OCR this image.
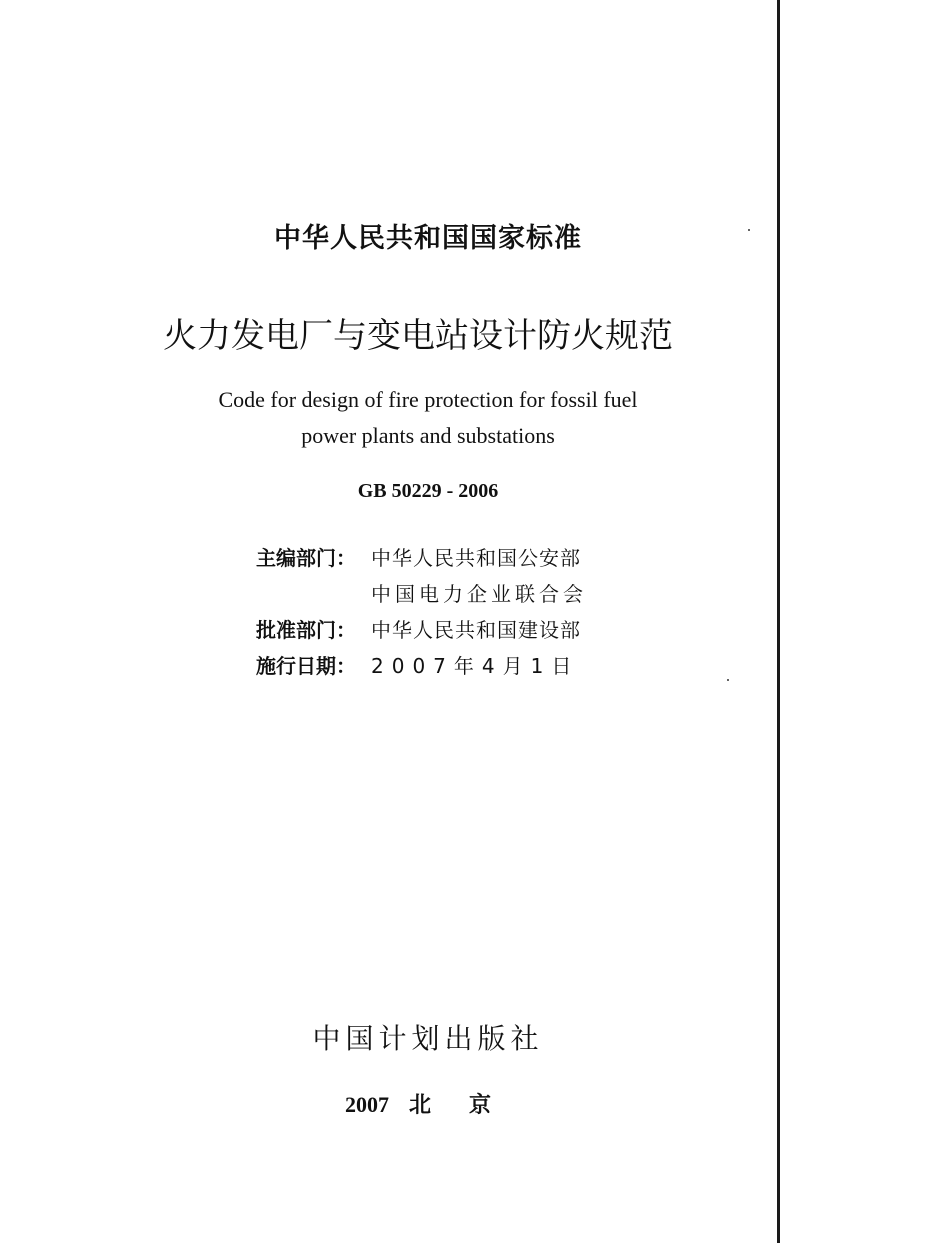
中华人民共和国国家标准
火力发电厂与变电站设计防火规范
Code for design of fire protection for fossil fuel
power plants and substations
GB 50229 - 2006
主编部门： 中华人民共和国公安部
中国电力企业联合会
批准部门： 中华人民共和国建设部
施行日期： 2007年4月1日
中国计划出版社
2007 北京
